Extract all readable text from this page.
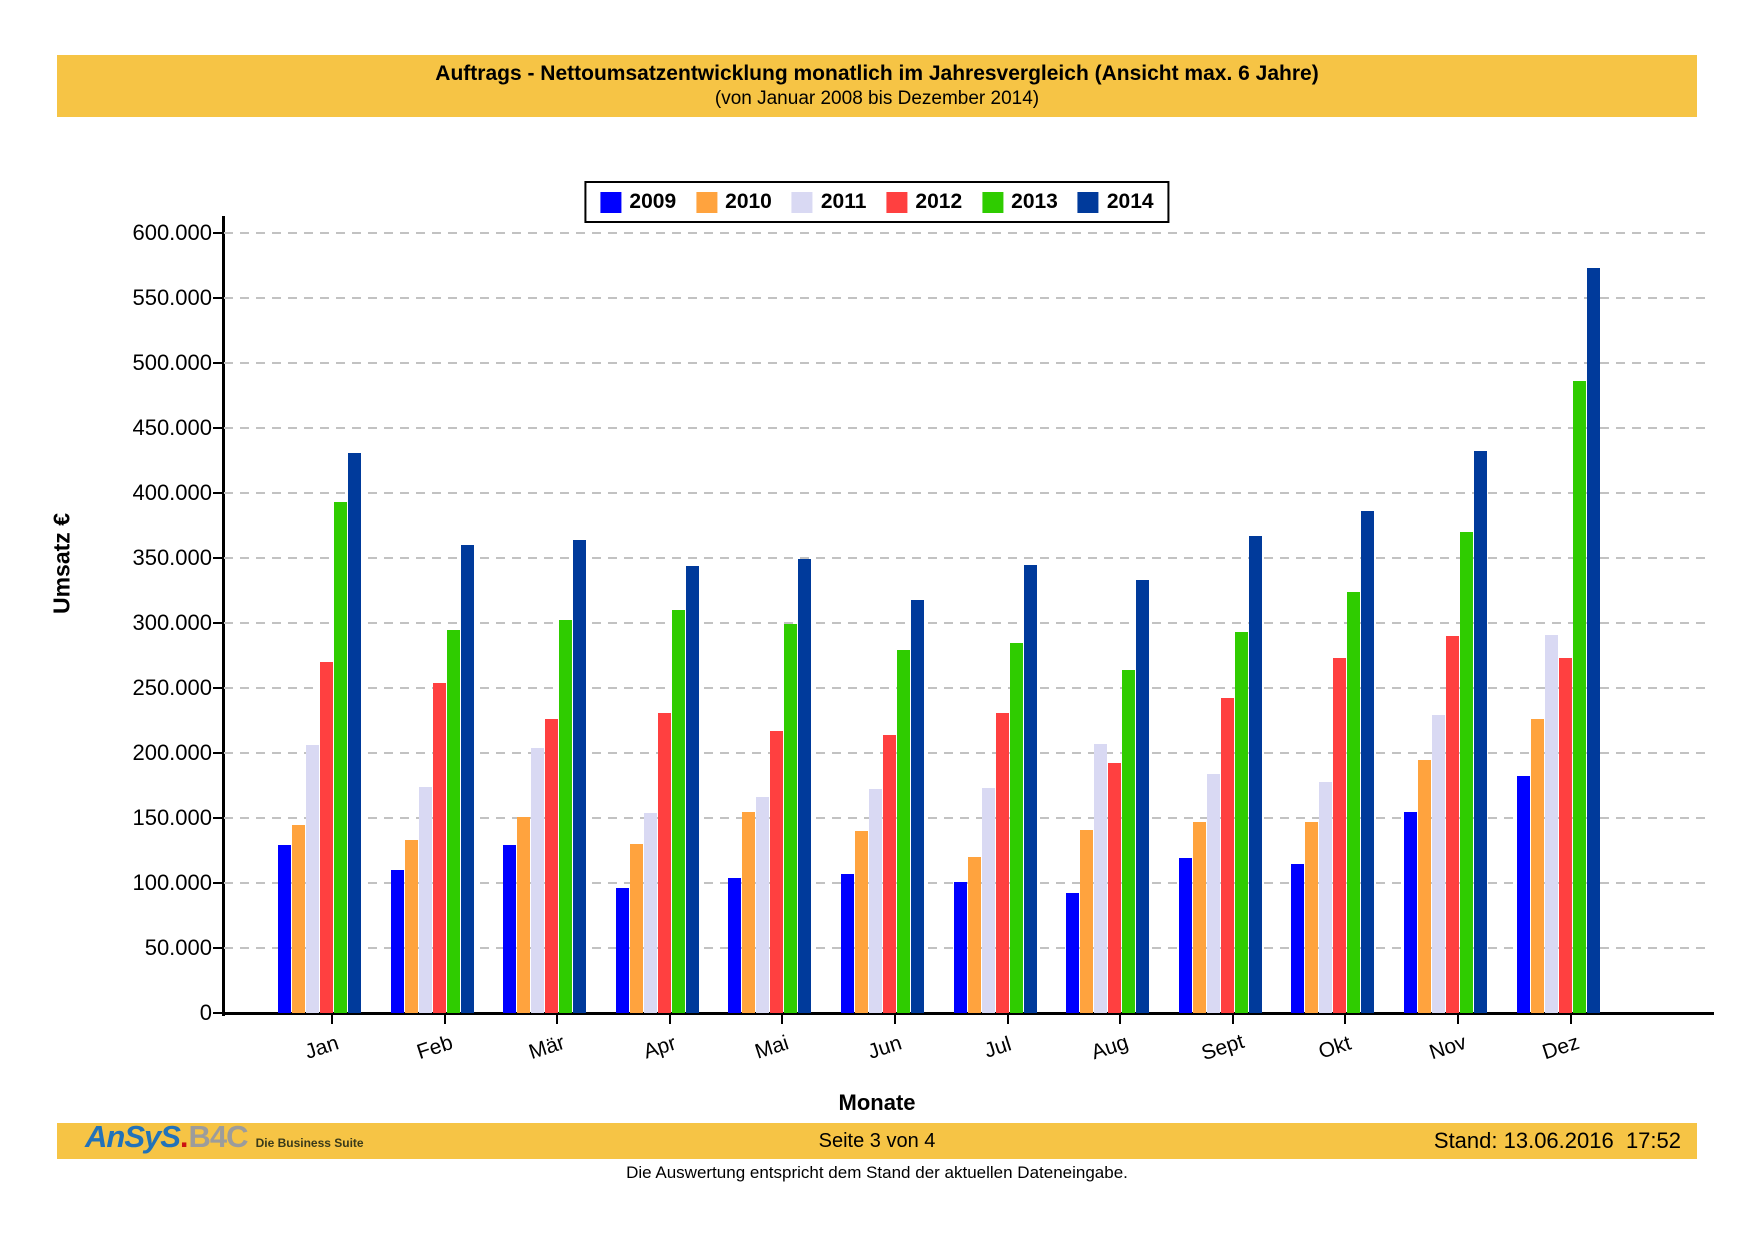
Auftrags - Nettoumsatzentwicklung monatlich im Jahresvergleich (Ansicht max. 6 Jahre)
(von Januar 2008 bis Dezember 2014)
2009 2010 2011 2012 2013 2014
0
50.000
100.000
150.000
200.000
250.000
300.000
350.000
400.000
450.000
500.000
550.000
600.000
Jan	Feb	Mär	Apr	Mai	Jun	Jul	Aug	Sept	Okt	Nov	Dez
Umsatz €
Monate
AnSyS . B4C Die Business Suite	Seite 3 von 4	Stand: 13.06.2016  17:52
Die Auswertung entspricht dem Stand der aktuellen Dateneingabe.
